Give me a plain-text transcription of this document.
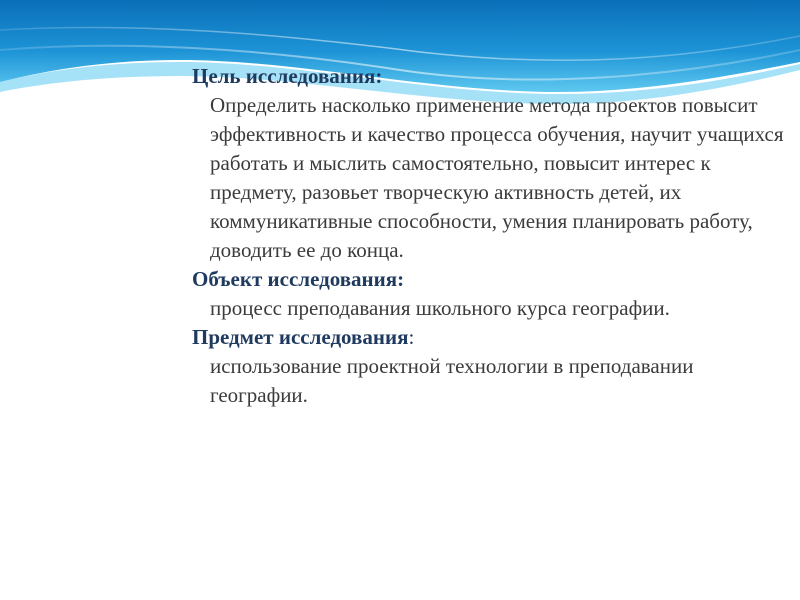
Цель исследования:

Определить насколько применение метода проектов повысит эффективность и качество процесса обучения, научит учащихся работать и мыслить самостоятельно, повысит интерес к предмету, разовьет творческую активность детей, их коммуникативные способности, умения планировать работу, доводить ее до конца.

Объект исследования:

процесс преподавания школьного курса географии.

Предмет исследования:

использование проектной технологии в преподавании географии.
